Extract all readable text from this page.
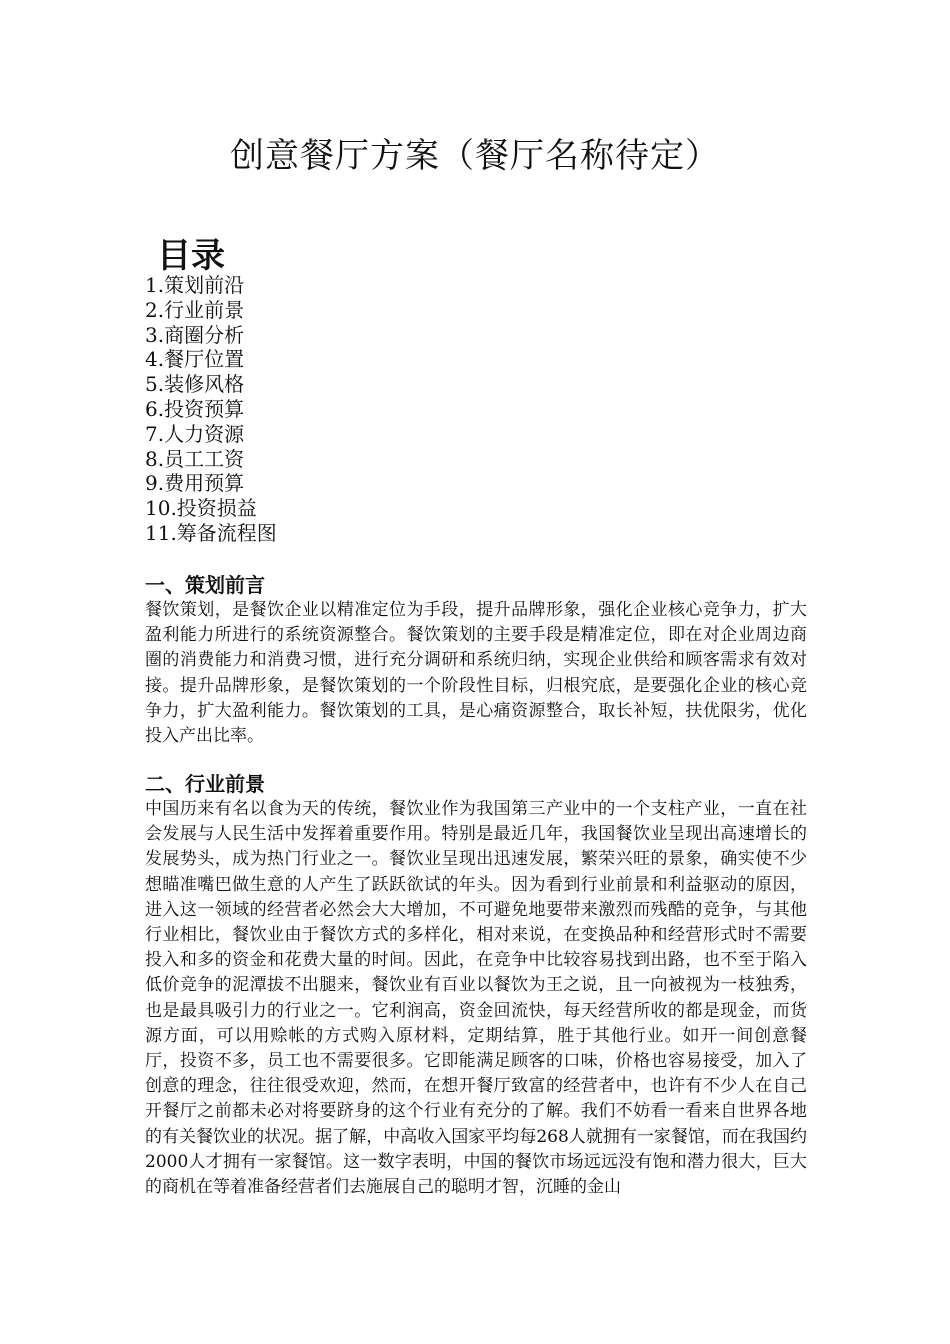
创意餐厅方案（餐厅名称待定）
目录
1.策划前沿
2.行业前景
3.商圈分析
4.餐厅位置
5.装修风格
6.投资预算
7.人力资源
8.员工工资
9.费用预算
10.投资损益
11.筹备流程图
一、策划前言

餐饮策划，是餐饮企业以精准定位为手段，提升品牌形象，强化企业核心竞争力，扩大盈利能力所进行的系统资源整合。餐饮策划的主要手段是精准定位，即在对企业周边商圈的消费能力和消费习惯，进行充分调研和系统归纳，实现企业供给和顾客需求有效对接。提升品牌形象，是餐饮策划的一个阶段性目标，归根究底，是要强化企业的核心竞争力，扩大盈利能力。餐饮策划的工具，是心痛资源整合，取长补短，扶优限劣，优化投入产出比率。

二、行业前景

中国历来有名以食为天的传统，餐饮业作为我国第三产业中的一个支柱产业，一直在社会发展与人民生活中发挥着重要作用。特别是最近几年，我国餐饮业呈现出高速增长的发展势头，成为热门行业之一。餐饮业呈现出迅速发展，繁荣兴旺的景象，确实使不少想瞄准嘴巴做生意的人产生了跃跃欲试的年头。因为看到行业前景和利益驱动的原因，进入这一领域的经营者必然会大大增加，不可避免地要带来激烈而残酷的竞争，与其他行业相比，餐饮业由于餐饮方式的多样化，相对来说，在变换品种和经营形式时不需要投入和多的资金和花费大量的时间。因此，在竞争中比较容易找到出路，也不至于陷入低价竞争的泥潭拔不出腿来，餐饮业有百业以餐饮为王之说，且一向被视为一枝独秀，也是最具吸引力的行业之一。它利润高，资金回流快，每天经营所收的都是现金，而货源方面，可以用赊帐的方式购入原材料，定期结算，胜于其他行业。如开一间创意餐厅，投资不多，员工也不需要很多。它即能满足顾客的口味，价格也容易接受，加入了创意的理念，往往很受欢迎，然而，在想开餐厅致富的经营者中，也许有不少人在自己开餐厅之前都未必对将要跻身的这个行业有充分的了解。我们不妨看一看来自世界各地的有关餐饮业的状况。据了解，中高收入国家平均每268人就拥有一家餐馆，而在我国约2000人才拥有一家餐馆。这一数字表明，中国的餐饮市场远远没有饱和潜力很大，巨大的商机在等着准备经营者们去施展自己的聪明才智，沉睡的金山
